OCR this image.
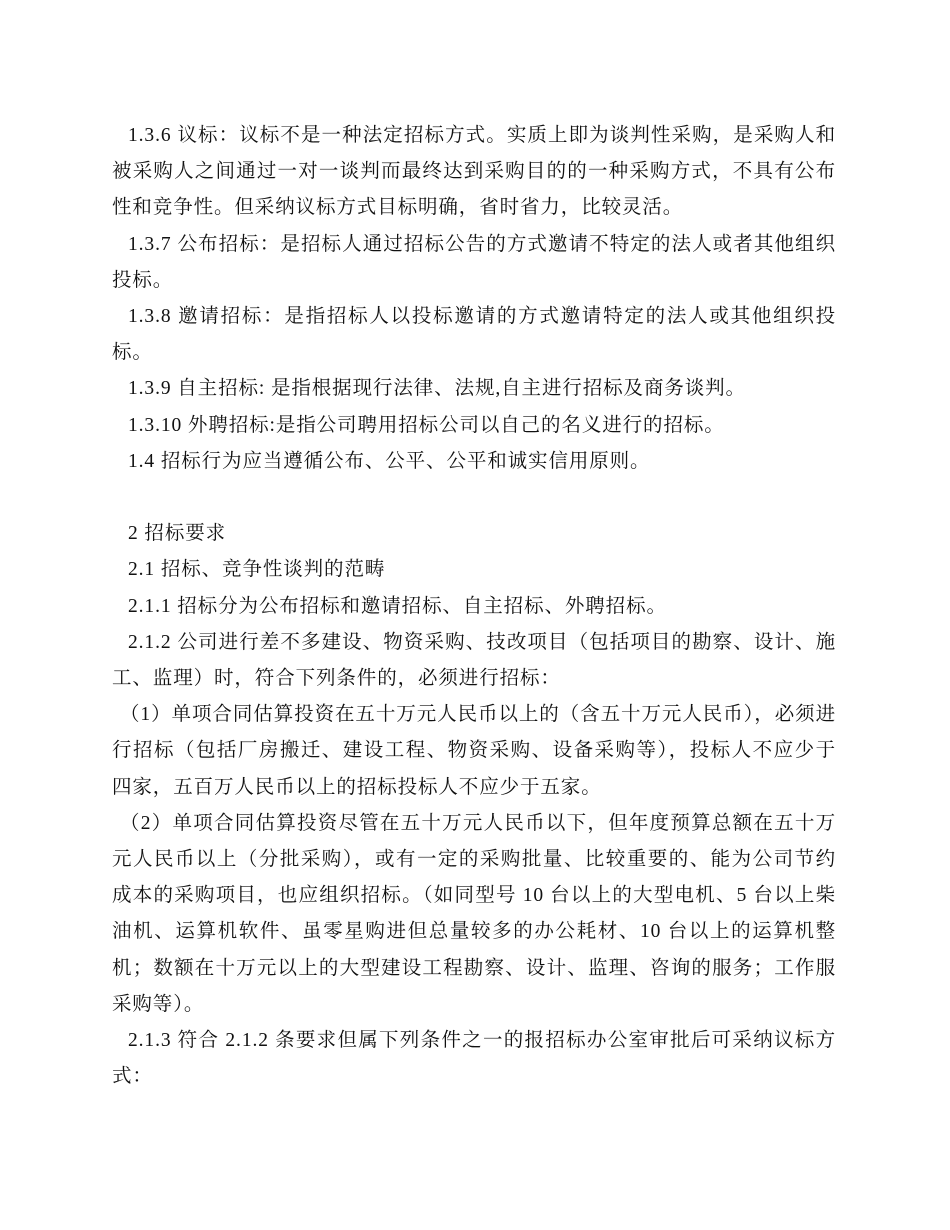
1.3.6 议标：议标不是一种法定招标方式。实质上即为谈判性采购，是采购人和被采购人之间通过一对一谈判而最终达到采购目的的一种采购方式，不具有公布性和竞争性。但采纳议标方式目标明确，省时省力，比较灵活。

1.3.7 公布招标：是招标人通过招标公告的方式邀请不特定的法人或者其他组织投标。

1.3.8 邀请招标：是指招标人以投标邀请的方式邀请特定的法人或其他组织投标。

1.3.9 自主招标: 是指根据现行法律、法规,自主进行招标及商务谈判。

1.3.10 外聘招标:是指公司聘用招标公司以自己的名义进行的招标。

1.4 招标行为应当遵循公布、公平、公平和诚实信用原则。

2 招标要求

2.1 招标、竞争性谈判的范畴

2.1.1 招标分为公布招标和邀请招标、自主招标、外聘招标。

2.1.2 公司进行差不多建设、物资采购、技改项目（包括项目的勘察、设计、施工、监理）时，符合下列条件的，必须进行招标：

（1）单项合同估算投资在五十万元人民币以上的（含五十万元人民币），必须进行招标（包括厂房搬迁、建设工程、物资采购、设备采购等），投标人不应少于四家，五百万人民币以上的招标投标人不应少于五家。

（2）单项合同估算投资尽管在五十万元人民币以下，但年度预算总额在五十万元人民币以上（分批采购），或有一定的采购批量、比较重要的、能为公司节约成本的采购项目，也应组织招标。（如同型号 10 台以上的大型电机、5 台以上柴油机、运算机软件、虽零星购进但总量较多的办公耗材、10 台以上的运算机整机；数额在十万元以上的大型建设工程勘察、设计、监理、咨询的服务；工作服采购等）。

2.1.3 符合 2.1.2 条要求但属下列条件之一的报招标办公室审批后可采纳议标方式：
